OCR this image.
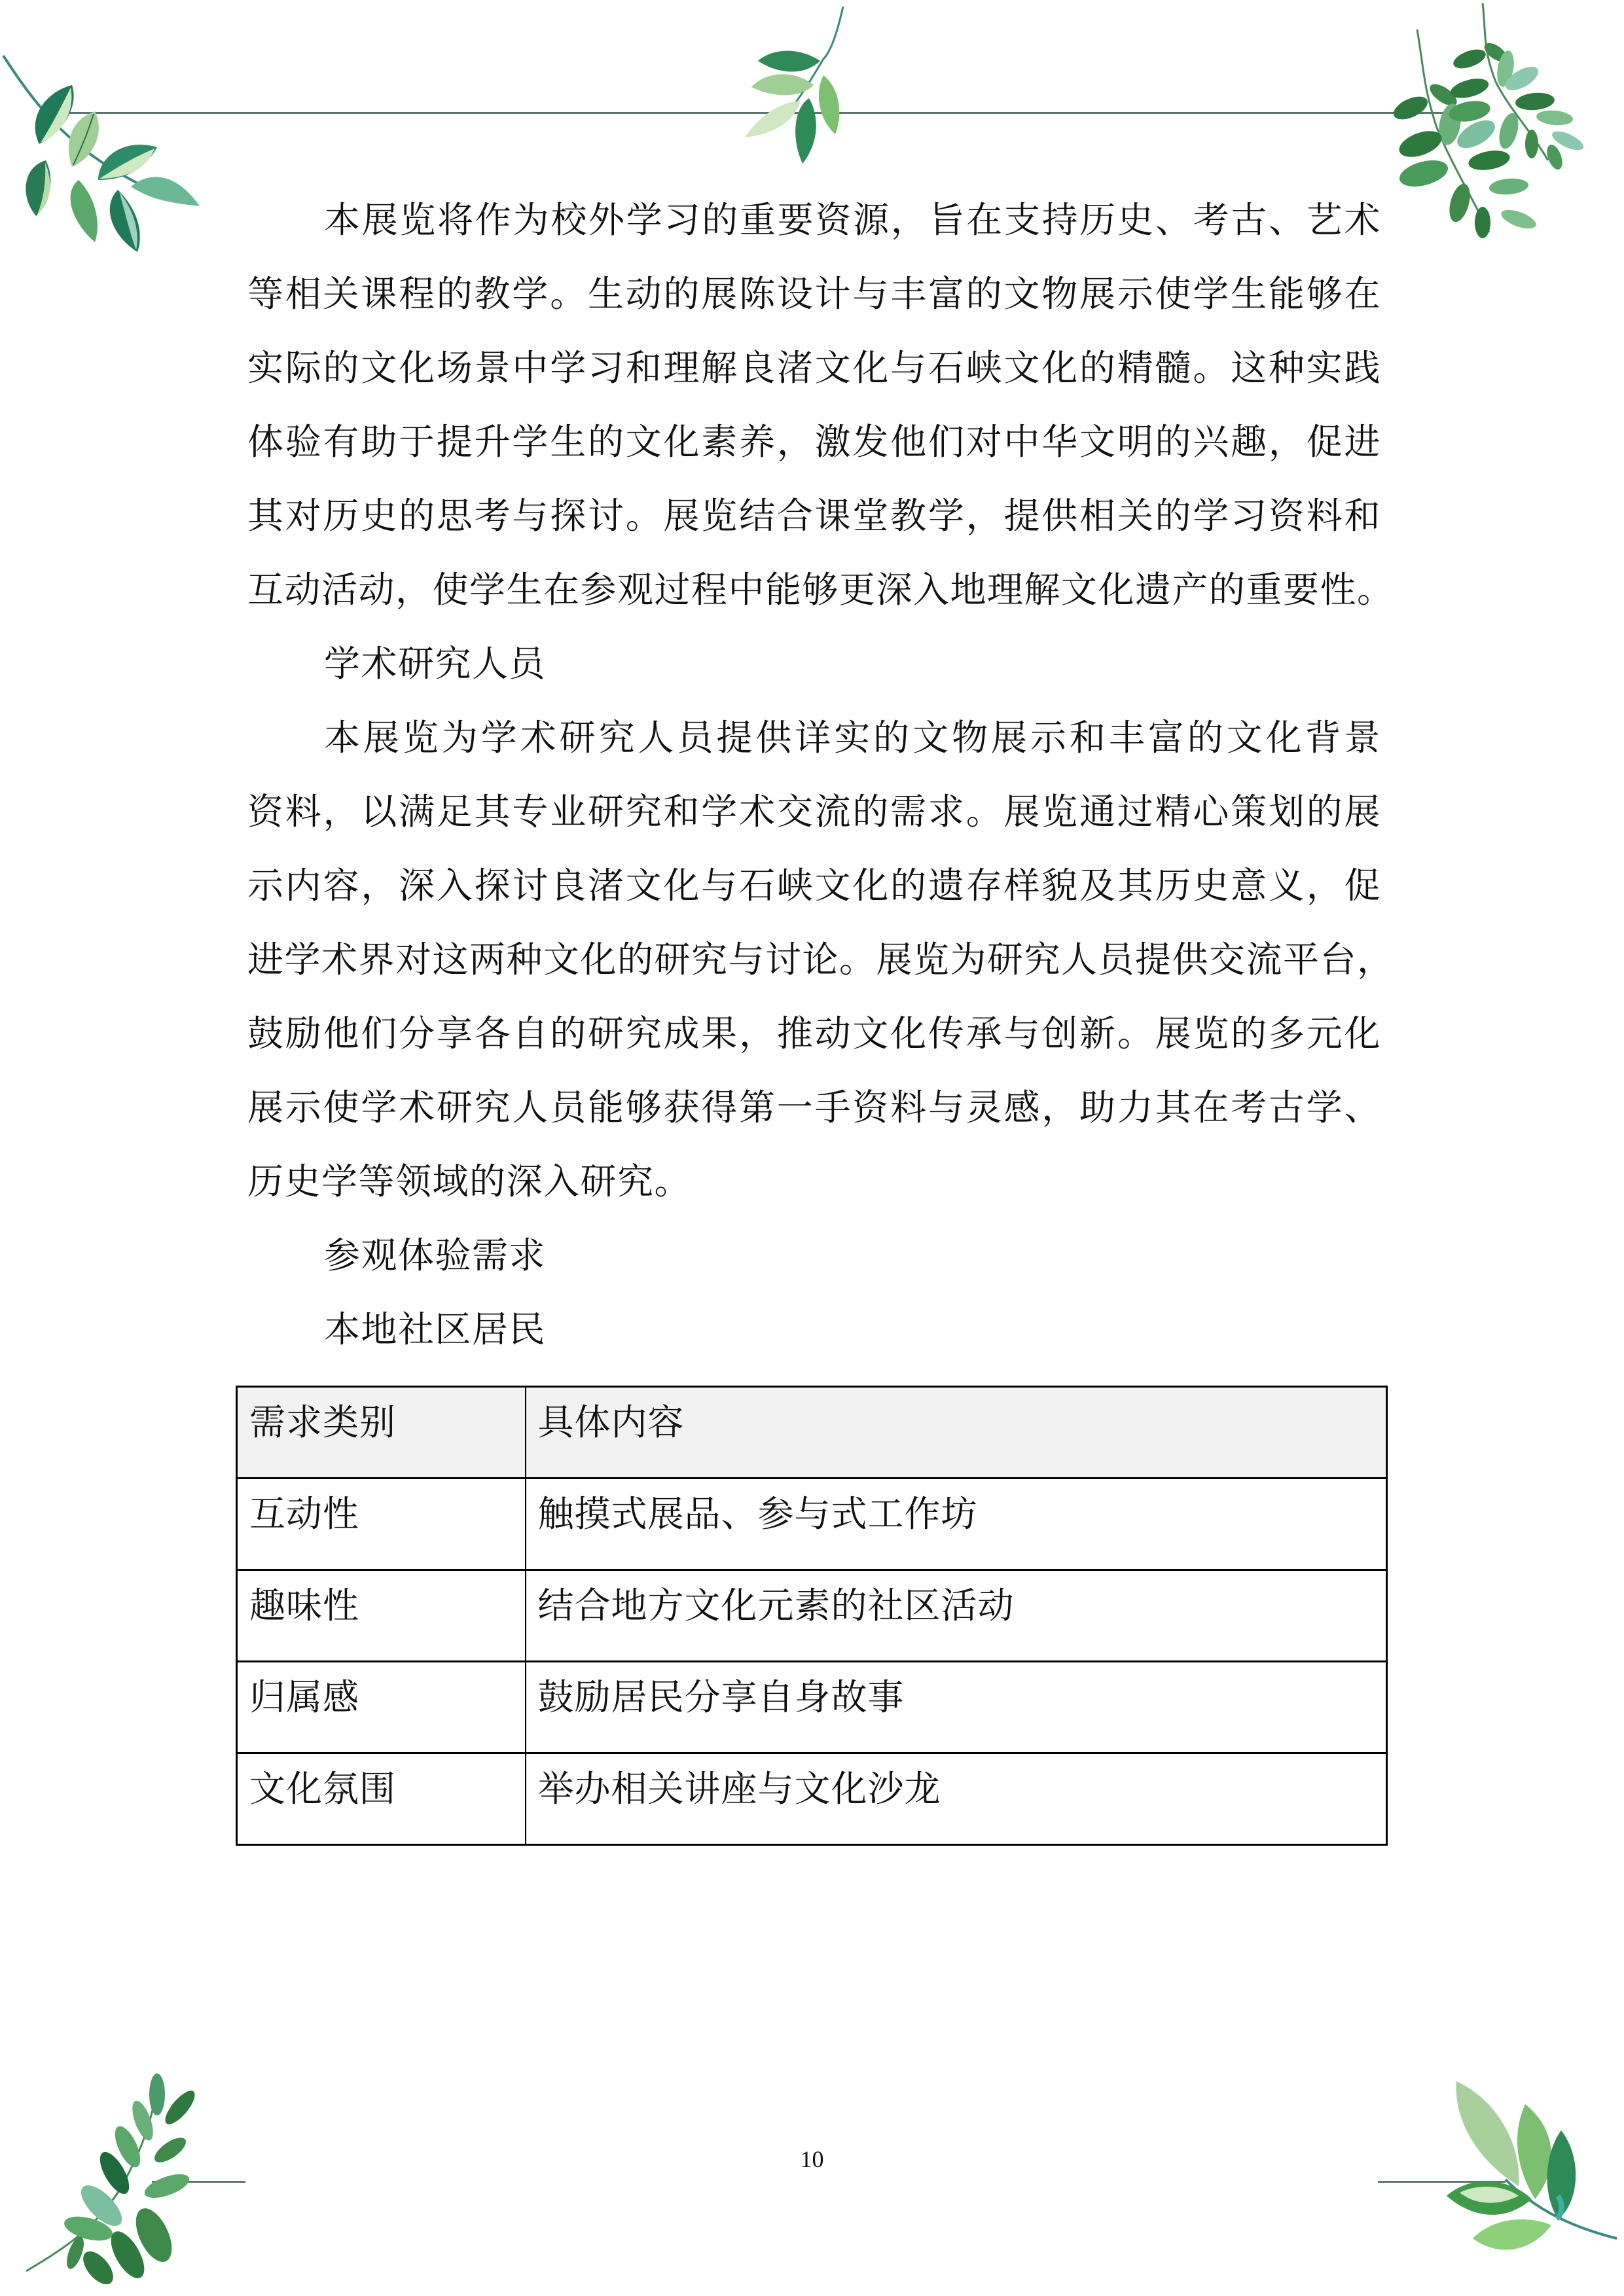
本展览将作为校外学习的重要资源，旨在支持历史、考古、艺术
等相关课程的教学。生动的展陈设计与丰富的文物展示使学生能够在
实际的文化场景中学习和理解良渚文化与石峡文化的精髓。这种实践
体验有助于提升学生的文化素养，激发他们对中华文明的兴趣，促进
其对历史的思考与探讨。展览结合课堂教学，提供相关的学习资料和
互动活动，使学生在参观过程中能够更深入地理解文化遗产的重要性。
学术研究人员
本展览为学术研究人员提供详实的文物展示和丰富的文化背景
资料，以满足其专业研究和学术交流的需求。展览通过精心策划的展
示内容，深入探讨良渚文化与石峡文化的遗存样貌及其历史意义，促
进学术界对这两种文化的研究与讨论。展览为研究人员提供交流平台，
鼓励他们分享各自的研究成果，推动文化传承与创新。展览的多元化
展示使学术研究人员能够获得第一手资料与灵感，助力其在考古学、
历史学等领域的深入研究。
参观体验需求
本地社区居民
需求类别	具体内容
互动性	触摸式展品、参与式工作坊
趣味性	结合地方文化元素的社区活动
归属感	鼓励居民分享自身故事
文化氛围	举办相关讲座与文化沙龙
10
